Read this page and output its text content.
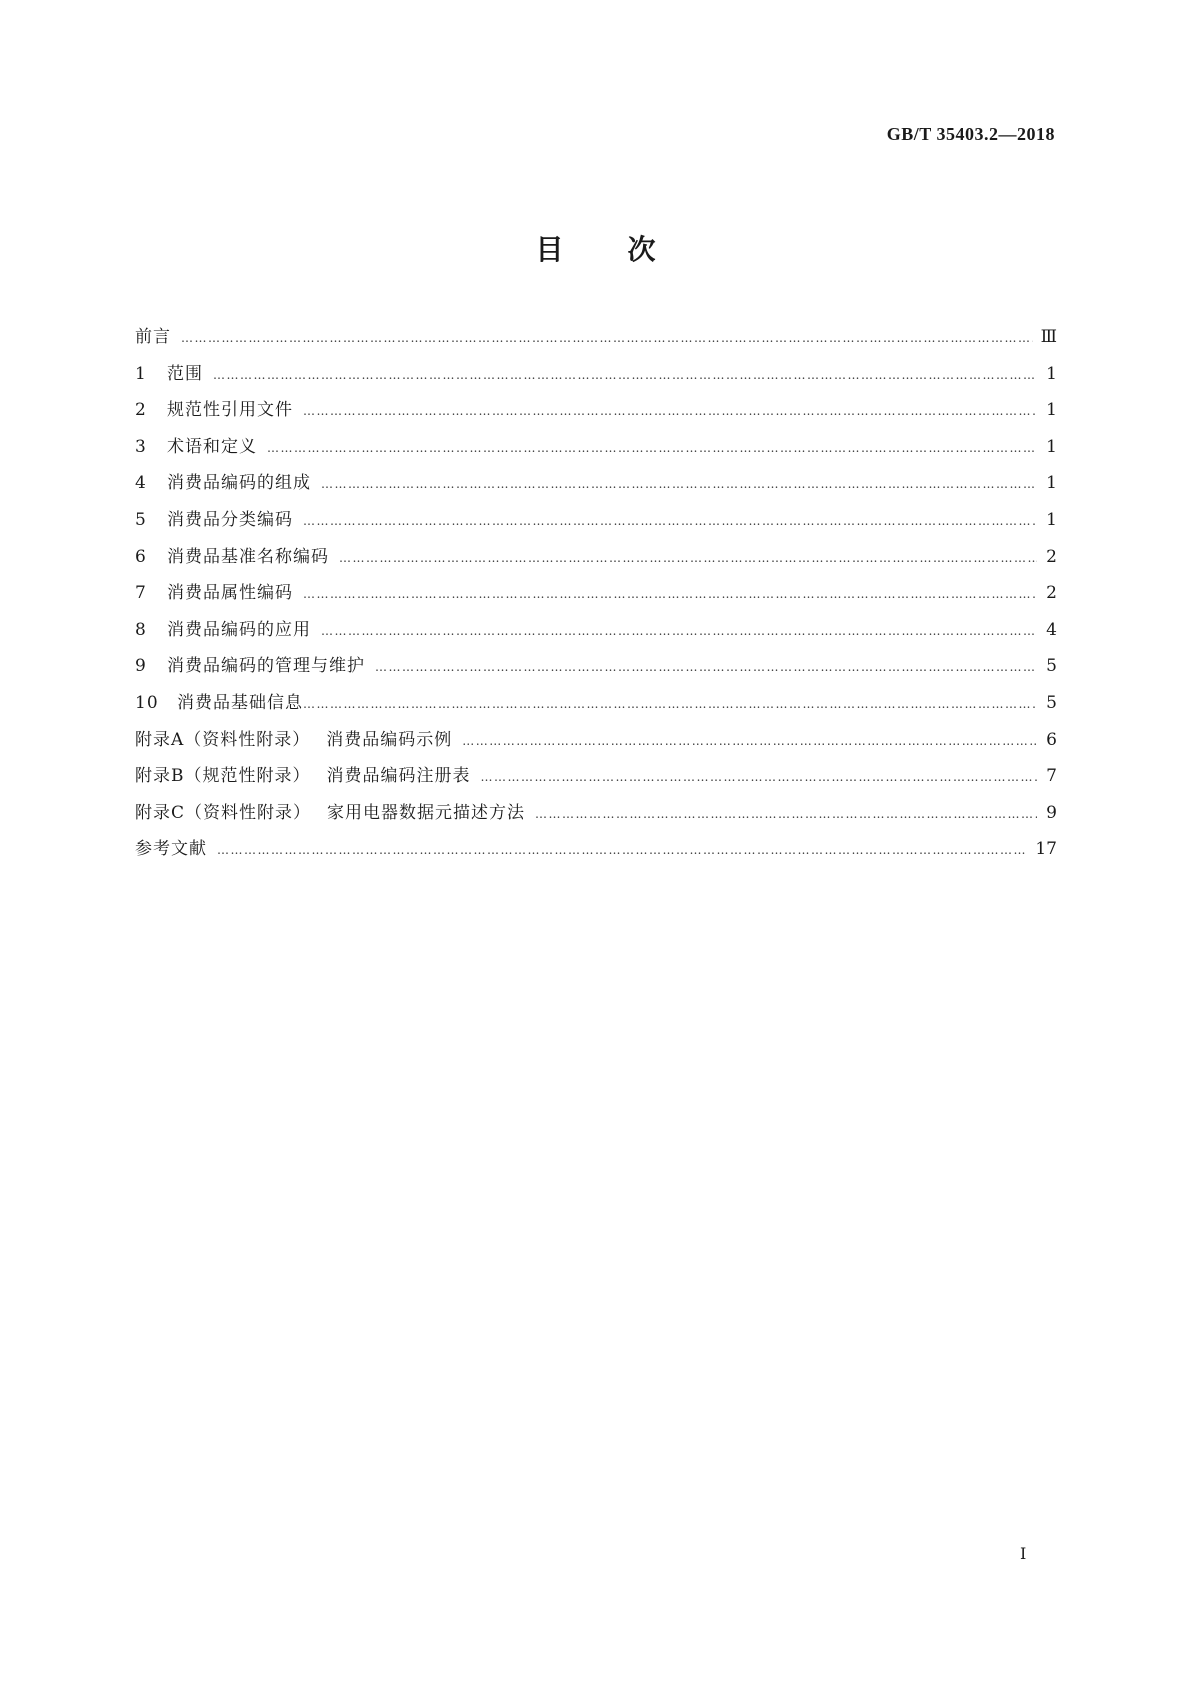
GB/T 35403.2—2018
目次
前言 ………………………………………………………………………………………………………………………………………………………………………………………………………………………………………………………………………	Ⅲ
1 范围 ………………………………………………………………………………………………………………………………………………………………………………………………………………………………………………………………………	1
2 规范性引用文件 ………………………………………………………………………………………………………………………………………………………………………………………………………………………………………………………………………	1
3 术语和定义 ………………………………………………………………………………………………………………………………………………………………………………………………………………………………………………………………………	1
4 消费品编码的组成 ………………………………………………………………………………………………………………………………………………………………………………………………………………………………………………………………………	1
5 消费品分类编码 ………………………………………………………………………………………………………………………………………………………………………………………………………………………………………………………………………	1
6 消费品基准名称编码 ………………………………………………………………………………………………………………………………………………………………………………………………………………………………………………………………………	2
7 消费品属性编码 ………………………………………………………………………………………………………………………………………………………………………………………………………………………………………………………………………	2
8 消费品编码的应用 ………………………………………………………………………………………………………………………………………………………………………………………………………………………………………………………………………	4
9 消费品编码的管理与维护 ………………………………………………………………………………………………………………………………………………………………………………………………………………………………………………………………………	5
10 消费品基础信息 ………………………………………………………………………………………………………………………………………………………………………………………………………………………………………………………………………	5
附录A（资料性附录） 消费品编码示例 ………………………………………………………………………………………………………………………………………………………………………………………………………………………………………………………………………	6
附录B（规范性附录） 消费品编码注册表 ………………………………………………………………………………………………………………………………………………………………………………………………………………………………………………………………………	7
附录C（资料性附录） 家用电器数据元描述方法 ………………………………………………………………………………………………………………………………………………………………………………………………………………………………………………………………………	9
参考文献 ………………………………………………………………………………………………………………………………………………………………………………………………………………………………………………………………………	17
I
